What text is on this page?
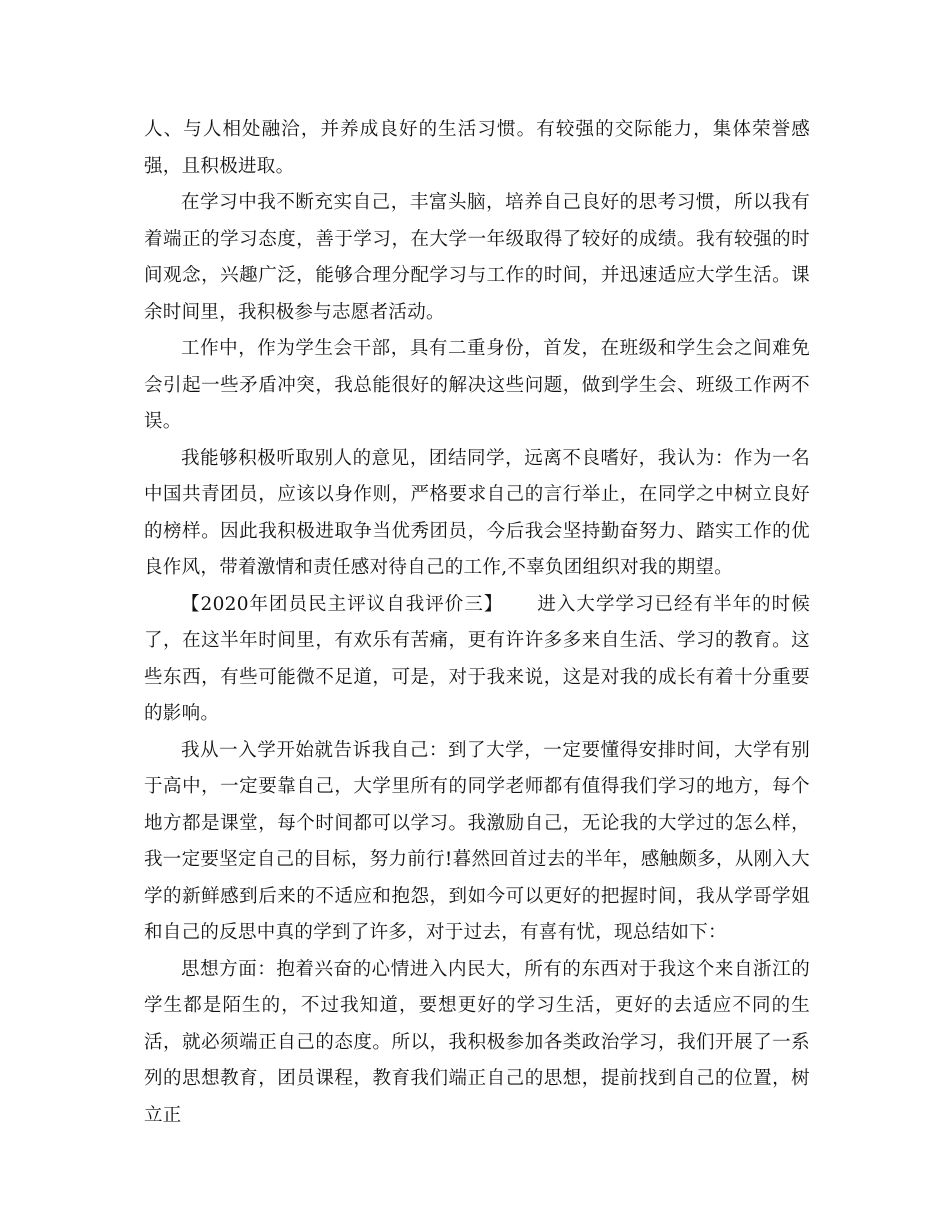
人、与人相处融洽，并养成良好的生活习惯。有较强的交际能力，集体荣誉感强，且积极进取。

在学习中我不断充实自己，丰富头脑，培养自己良好的思考习惯，所以我有着端正的学习态度，善于学习，在大学一年级取得了较好的成绩。我有较强的时间观念，兴趣广泛，能够合理分配学习与工作的时间，并迅速适应大学生活。课余时间里，我积极参与志愿者活动。

工作中，作为学生会干部，具有二重身份，首发，在班级和学生会之间难免会引起一些矛盾冲突，我总能很好的解决这些问题，做到学生会、班级工作两不误。

我能够积极听取别人的意见，团结同学，远离不良嗜好，我认为：作为一名中国共青团员，应该以身作则，严格要求自己的言行举止，在同学之中树立良好的榜样。因此我积极进取争当优秀团员，今后我会坚持勤奋努力、踏实工作的优良作风，带着激情和责任感对待自己的工作,不辜负团组织对我的期望。

【2020年团员民主评议自我评价三】 进入大学学习已经有半年的时候了，在这半年时间里，有欢乐有苦痛，更有许许多多来自生活、学习的教育。这些东西，有些可能微不足道，可是，对于我来说，这是对我的成长有着十分重要的影响。

我从一入学开始就告诉我自己：到了大学，一定要懂得安排时间，大学有别于高中，一定要靠自己，大学里所有的同学老师都有值得我们学习的地方，每个地方都是课堂，每个时间都可以学习。我激励自己，无论我的大学过的怎么样，我一定要坚定自己的目标，努力前行!暮然回首过去的半年，感触颇多，从刚入大学的新鲜感到后来的不适应和抱怨，到如今可以更好的把握时间，我从学哥学姐和自己的反思中真的学到了许多，对于过去，有喜有忧，现总结如下：

思想方面：抱着兴奋的心情进入内民大，所有的东西对于我这个来自浙江的学生都是陌生的，不过我知道，要想更好的学习生活，更好的去适应不同的生活，就必须端正自己的态度。所以，我积极参加各类政治学习，我们开展了一系列的思想教育，团员课程，教育我们端正自己的思想，提前找到自己的位置，树立正
